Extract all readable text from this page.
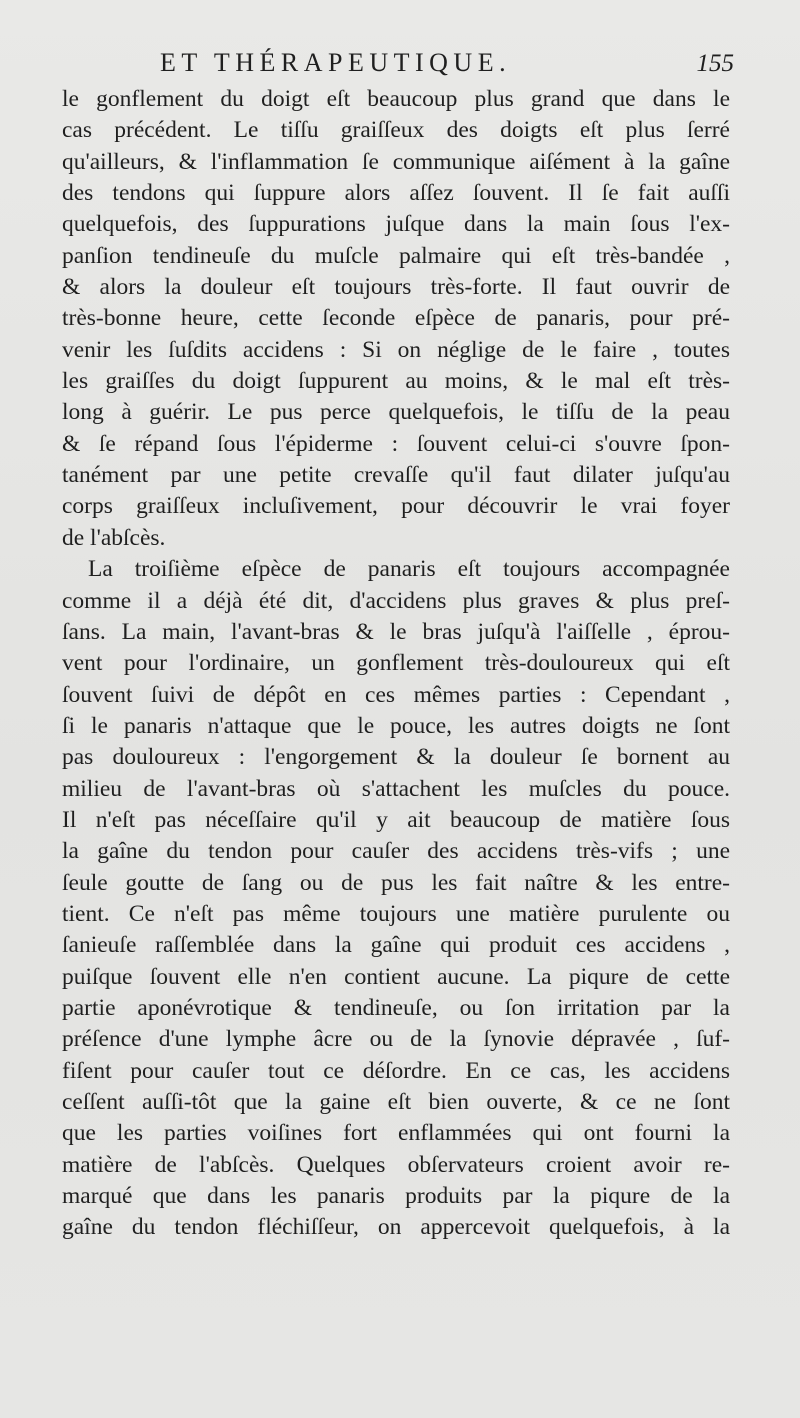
ET THÉRAPEUTIQUE.	155
le gonflement du doigt eſt beaucoup plus grand que dans le
cas précédent. Le tiſſu graiſſeux des doigts eſt plus ſerré
qu'ailleurs, & l'inflammation ſe communique aiſément à la gaîne
des tendons qui ſuppure alors aſſez ſouvent. Il ſe fait auſſi
quelquefois, des ſuppurations juſque dans la main ſous l'ex-
panſion tendineuſe du muſcle palmaire qui eſt très-bandée ,
& alors la douleur eſt toujours très-forte. Il faut ouvrir de
très-bonne heure, cette ſeconde eſpèce de panaris, pour pré-
venir les ſuſdits accidens : Si on néglige de le faire , toutes
les graiſſes du doigt ſuppurent au moins, & le mal eſt très-
long à guérir. Le pus perce quelquefois, le tiſſu de la peau
& ſe répand ſous l'épiderme : ſouvent celui-ci s'ouvre ſpon-
tanément par une petite crevaſſe qu'il faut dilater juſqu'au
corps graiſſeux incluſivement, pour découvrir le vrai foyer
de l'abſcès.
La troiſième eſpèce de panaris eſt toujours accompagnée
comme il a déjà été dit, d'accidens plus graves & plus preſ-
ſans. La main, l'avant-bras & le bras juſqu'à l'aiſſelle , éprou-
vent pour l'ordinaire, un gonflement très-douloureux qui eſt
ſouvent ſuivi de dépôt en ces mêmes parties : Cependant ,
ſi le panaris n'attaque que le pouce, les autres doigts ne ſont
pas douloureux : l'engorgement & la douleur ſe bornent au
milieu de l'avant-bras où s'attachent les muſcles du pouce.
Il n'eſt pas néceſſaire qu'il y ait beaucoup de matière ſous
la gaîne du tendon pour cauſer des accidens très-vifs ; une
ſeule goutte de ſang ou de pus les fait naître & les entre-
tient. Ce n'eſt pas même toujours une matière purulente ou
ſanieuſe raſſemblée dans la gaîne qui produit ces accidens ,
puiſque ſouvent elle n'en contient aucune. La piqure de cette
partie aponévrotique & tendineuſe, ou ſon irritation par la
préſence d'une lymphe âcre ou de la ſynovie dépravée , ſuf-
fiſent pour cauſer tout ce déſordre. En ce cas, les accidens
ceſſent auſſi-tôt que la gaine eſt bien ouverte, & ce ne ſont
que les parties voiſines fort enflammées qui ont fourni la
matière de l'abſcès. Quelques obſervateurs croient avoir re-
marqué que dans les panaris produits par la piqure de la
gaîne du tendon fléchiſſeur, on appercevoit quelquefois, à la
